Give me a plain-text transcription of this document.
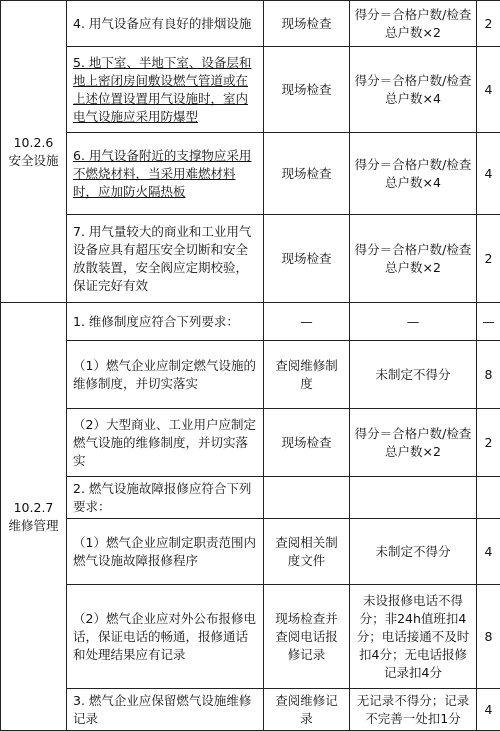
10.2.6
安全设施	4. 用气设备应有良好的排烟设施	现场检查	得分＝合格户数/检查总户数×2	2
	5. 地下室、半地下室、设备层和地上密闭房间敷设燃气管道或在上述位置设置用气设施时，室内电气设施应采用防爆型	现场检查	得分＝合格户数/检查总户数×4	4
	6. 用气设备附近的支撑物应采用不燃烧材料，当采用难燃材料时，应加防火隔热板	现场检查	得分＝合格户数/检查总户数×4	4
	7. 用气量较大的商业和工业用气设备应具有超压安全切断和安全放散装置，安全阀应定期校验，保证完好有效	现场检查	得分＝合格户数/检查总户数×2	2

10.2.7
维修管理	1. 维修制度应符合下列要求：	—	—	—
	（1）燃气企业应制定燃气设施的维修制度，并切实落实	查阅维修制度	未制定不得分	8
	（2）大型商业、工业用户应制定燃气设施的维修制度，并切实落实	现场检查	得分＝合格户数/检查总户数×2	2
	2. 燃气设施故障报修应符合下列要求：			
	（1）燃气企业应制定职责范围内燃气设施故障报修程序	查阅相关制度文件	未制定不得分	4
	（2）燃气企业应对外公布报修电话，保证电话的畅通，报修通话和处理结果应有记录	现场检查并查阅电话报修记录	未设报修电话不得分；非24h值班扣4分；电话接通不及时扣4分；无电话报修记录扣4分	8
	3. 燃气企业应保留燃气设施维修记录	查阅维修记录	无记录不得分；记录不完善一处扣1分	4
